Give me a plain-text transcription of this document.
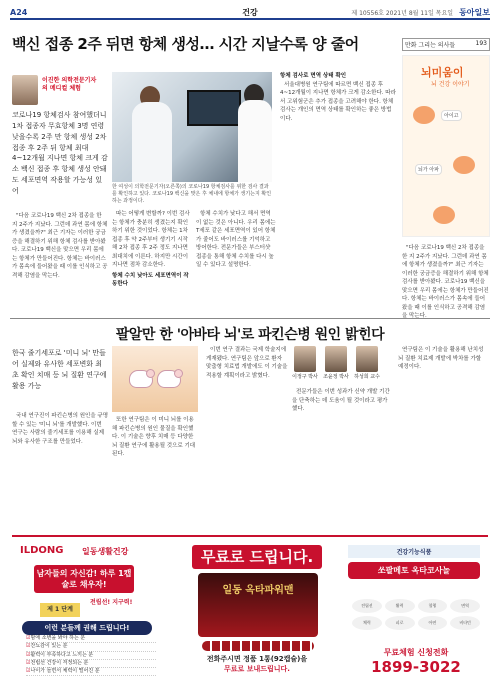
A24	건강	제 10556호 2021년 8월 11일 목요일 동아일보
백신 접종 2주 뒤면 항체 생성… 시간 지날수록 양 줄어	만화 그리는 의사들	193
뇌미움이
뇌 건강 이야기
아이고
뇌가 아파
이진한 의학전문기자의 메디컬 체험
코로나19 항체검사 참여했더니 1차 접종자 무효항체 3명 연령 낮을수록 2주 만 항체 생성 2차 접종 후 2주 뒤 항체 최대 4~12개월 지나면 항체 크게 감소 백신 접종 후 항체 생성 안돼도 세포면역 작용할 가능성 있어	한 여성이 의학전문기자(오른쪽)의 코로나19 항체검사를 위한 검사 결과를 확인하고 있다. 코로나19 백신을 맞은 후 체내에 항체가 생기는지 확인하는 과정이다.

"다음 코로나19 백신 2차 접종을 한 지 2주가 지났다. 그런데 과연 몸에 항체가 생겼을까?" 최근 기자는 이러한 궁금증을 해결하기 위해 항체 검사를 받아봤다. 코로나19 백신을 맞으면 우리 몸에는 항체가 만들어진다. 항체는 바이러스가 몸속에 들어왔을 때 이를 인식하고 공격해 감염을 막는다.

따는 어떻게 변할까? 이번 검사는 항체가 충분히 생겼는지 확인하기 위한 것이었다. 항체는 1차 접종 후 약 2주부터 생기기 시작해 2차 접종 후 2주 정도 지나면 최대치에 이른다. 하지만 시간이 지나면 점차 감소한다.

항체 수치 낮아도 세포면역이 작동한다

항체 수치가 낮다고 해서 면역이 없는 것은 아니다. 우리 몸에는 T세포 같은 세포면역이 있어 항체가 줄어도 바이러스를 기억하고 방어한다. 전문가들은 부스터샷 접종을 통해 항체 수치를 다시 높일 수 있다고 설명한다.

항체 검사로 면역 상태 확인

서울대병원 연구팀에 따르면 백신 접종 후 4~12개월이 지나면 항체가 크게 감소한다. 따라서 고위험군은 추가 접종을 고려해야 한다. 항체 검사는 개인의 면역 상태를 확인하는 좋은 방법이다.

"다음 코로나19 백신 2차 접종을 한 지 2주가 지났다. 그런데 과연 몸에 항체가 생겼을까?" 최근 기자는 이러한 궁금증을 해결하기 위해 항체 검사를 받아봤다. 코로나19 백신을 맞으면 우리 몸에는 항체가 만들어진다. 항체는 바이러스가 몸속에 들어왔을 때 이를 인식하고 공격해 감염을 막는다.

팔알만 한 '아바타 뇌'로 파킨슨병 원인 밝힌다
한국 줄기세포로 '미니 뇌' 만들어 실제와 유사한 세포변화 최초 확인 치매 등 뇌 질환 연구에 활용 가능
이정구 박사 조윤정 박사 하성희 교수

국내 연구진이 파킨슨병의 원인을 규명할 수 있는 '미니 뇌'를 개발했다. 이번 연구는 사람의 줄기세포를 이용해 실제 뇌와 유사한 구조를 만들었다.

또한 연구팀은 이 미니 뇌를 이용해 파킨슨병의 원인 물질을 확인했다. 이 기술은 향후 치매 등 다양한 뇌 질환 연구에 활용될 것으로 기대된다.

이번 연구 결과는 국제 학술지에 게재됐다. 연구팀은 앞으로 환자 맞춤형 치료법 개발에도 이 기술을 적용할 계획이라고 밝혔다.

전문가들은 이번 성과가 신약 개발 기간을 단축하는 데 도움이 될 것이라고 평가했다.

연구팀은 이 기술을 활용해 난치성 뇌 질환 치료제 개발에 박차를 가할 예정이다.

ILDONG 일동생활건강
남자들의 자신감! 하루 1캡슐로 채우자!
제 1 단계
전립선! 지구력!
이런 분들께 권해 드립니다!
☑ 밤에 소변을 봐야 하는 분
☑ 잔뇨감이 있는 분
☑ 활력이 부족하다고 느끼는 분
☑ 전립선 건강이 걱정되는 분
☑ 나이가 들면서 체력이 떨어진 분
무료로 드립니다.
일동 옥타파워맨
전화주시면 정품 1통(92캡슐)을
무료로 보내드립니다.
건강기능식품
쏘팔메토 옥타코사놀
전립선	활력	혈행	면역
체력	피로	아연	비타민
무료체험 신청전화
1899-3022
